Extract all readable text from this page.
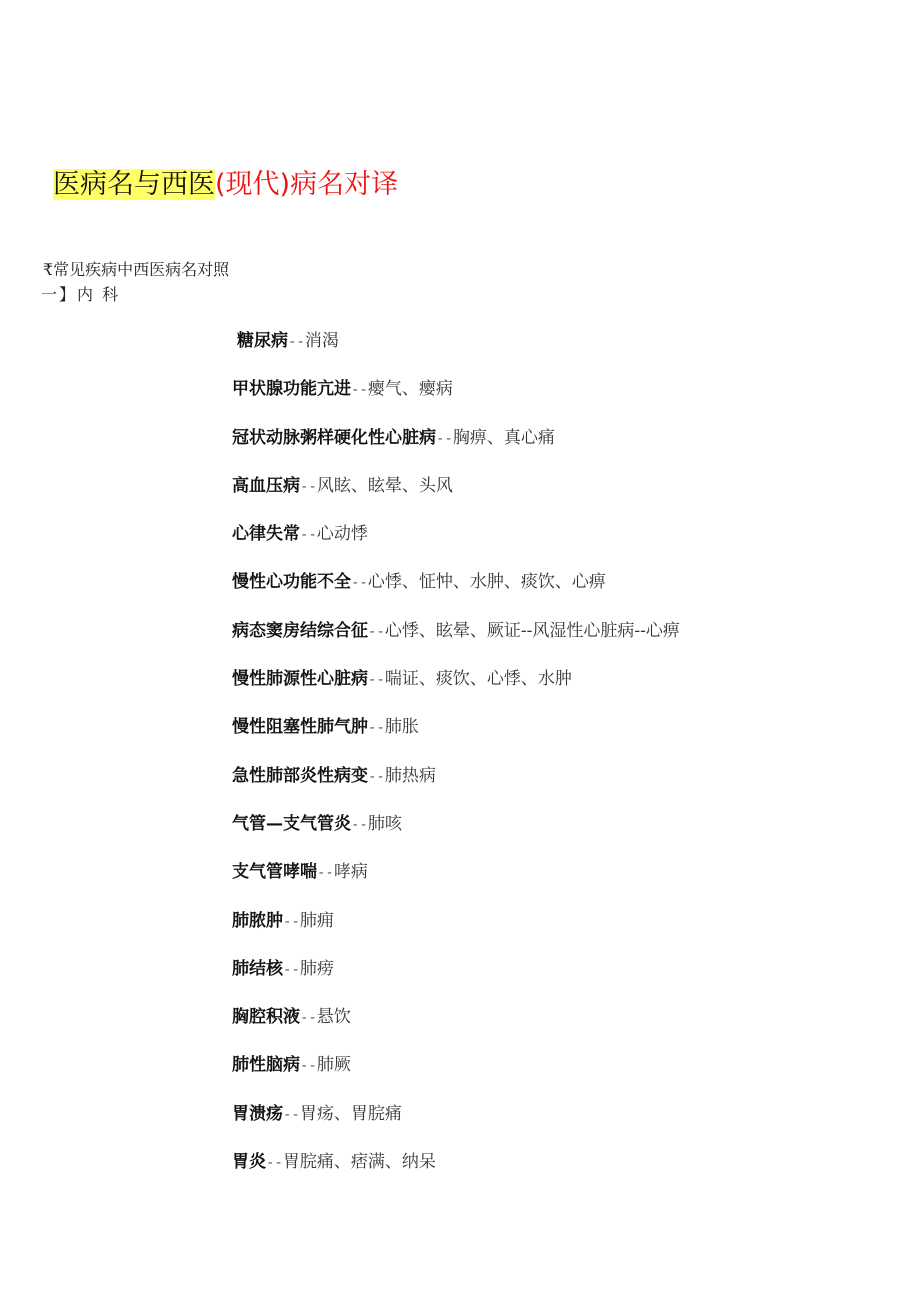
医病名与西医(现代)病名对译
₹常见疾病中西医病名对照
一】内 科
糖尿病--消渴
甲状腺功能亢进--瘿气、瘿病
冠状动脉粥样硬化性心脏病--胸痹、真心痛
高血压病--风眩、眩晕、头风
心律失常--心动悸
慢性心功能不全--心悸、怔忡、水肿、痰饮、心痹
病态窦房结综合征--心悸、眩晕、厥证--风湿性心脏病--心痹
慢性肺源性心脏病--喘证、痰饮、心悸、水肿
慢性阻塞性肺气肿--肺胀
急性肺部炎性病变--肺热病
气管—支气管炎--肺咳
支气管哮喘--哮病
肺脓肿--肺痈
肺结核--肺痨
胸腔积液--悬饮
肺性脑病--肺厥
胃溃疡--胃疡、胃脘痛
胃炎--胃脘痛、痞满、纳呆
